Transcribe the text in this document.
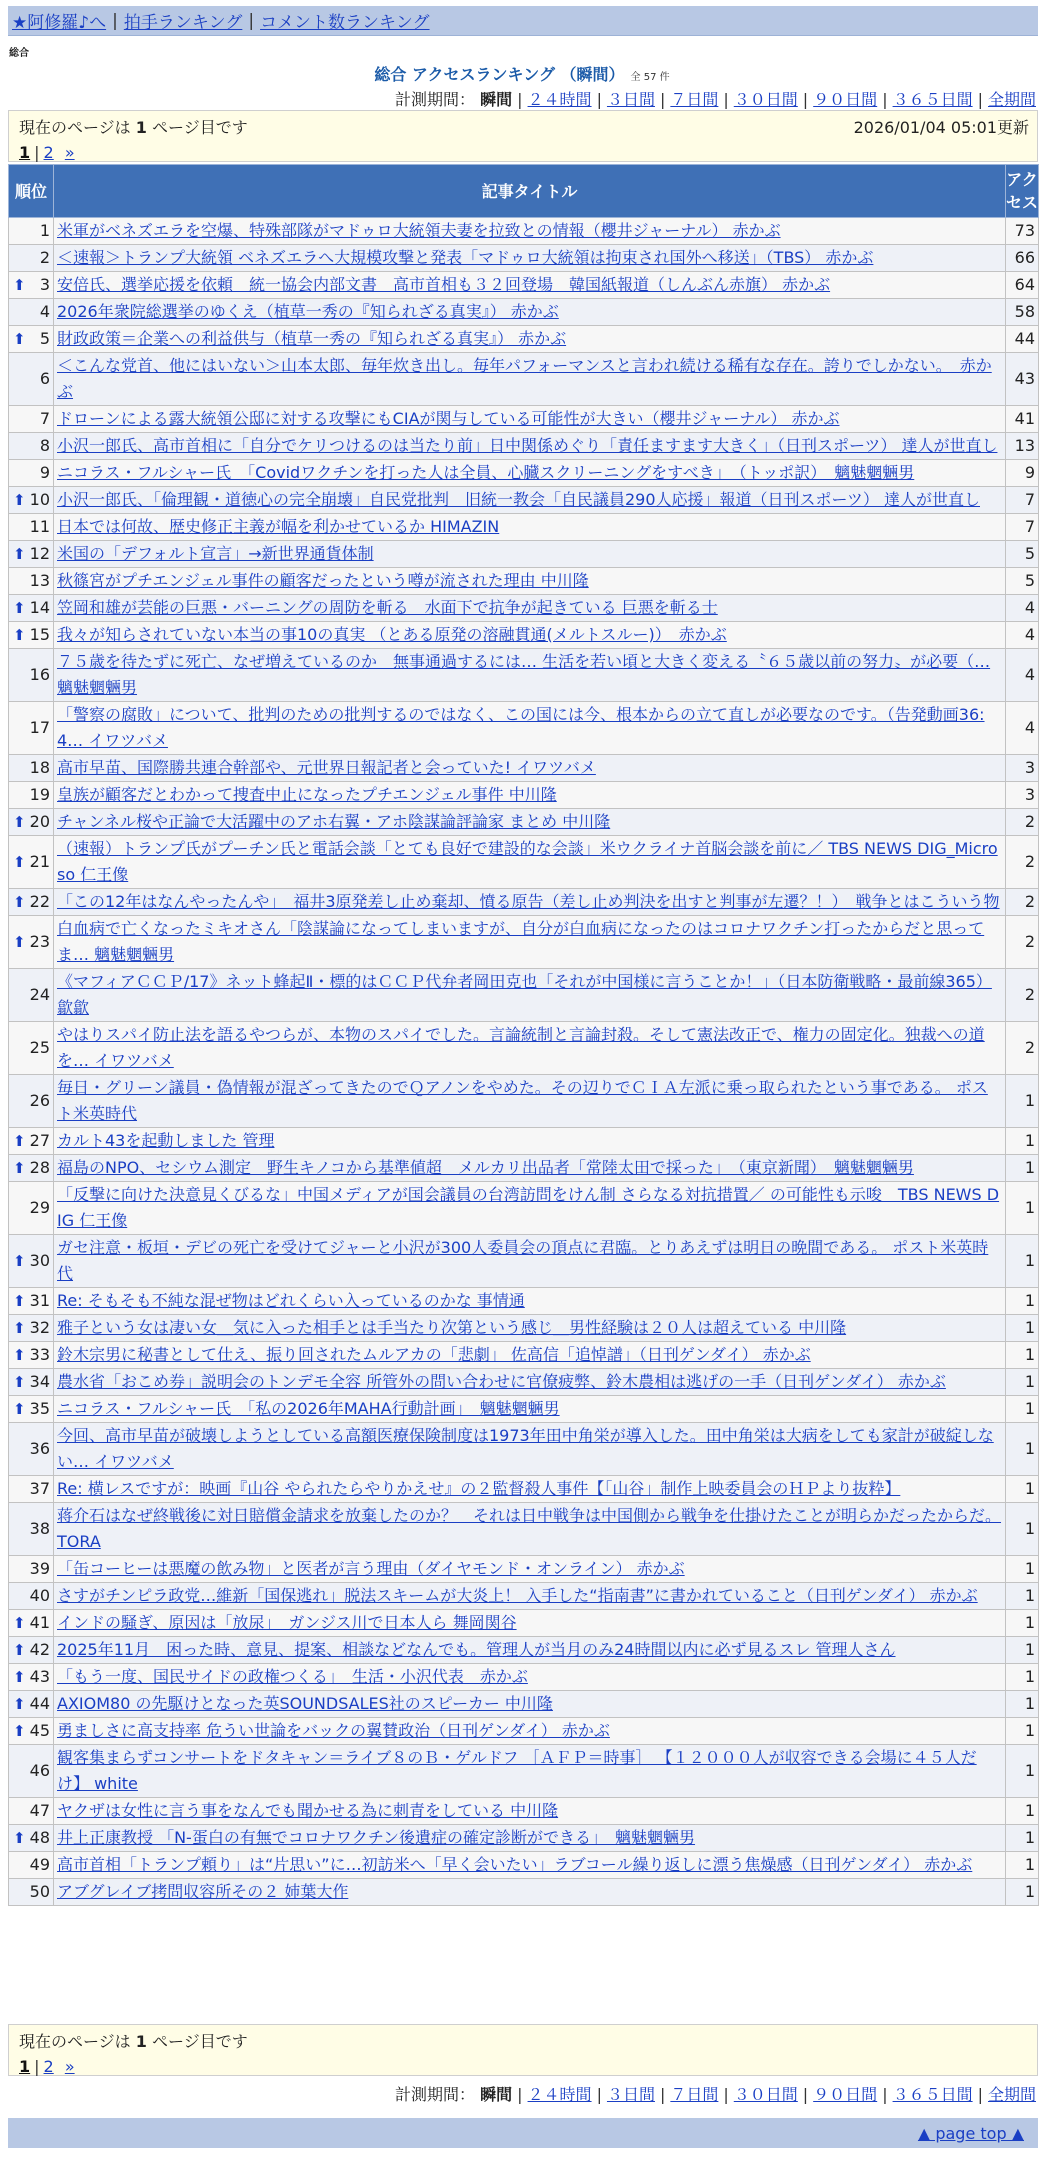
★阿修羅♪へ | 拍手ランキング | コメント数ランキング
総合
総合 アクセスランキング （瞬間） 全 57 件
計測期間： 瞬間 | ２４時間 | ３日間 | ７日間 | ３０日間 | ９０日間 | ３６５日間 | 全期間
現在のページは 1 ページ目です	2026/01/04 05:01更新
1 | 2 »
順位	記事タイトル	アクセス
1	米軍がベネズエラを空爆、特殊部隊がマドゥロ大統領夫妻を拉致との情報（櫻井ジャーナル） 赤かぶ	73
2	＜速報＞トランプ大統領 ベネズエラへ大規模攻撃と発表「マドゥロ大統領は拘束され国外へ移送」（TBS） 赤かぶ	66

⬆ 3	安倍氏、選挙応援を依頼　統一協会内部文書　高市首相も３２回登場　韓国紙報道（しんぶん赤旗） 赤かぶ	64
4	2026年衆院総選挙のゆくえ（植草一秀の『知られざる真実』） 赤かぶ	58

⬆ 5	財政政策＝企業への利益供与（植草一秀の『知られざる真実』） 赤かぶ	44
6	＜こんな党首、他にはいない＞山本太郎、毎年炊き出し。毎年パフォーマンスと言われ続ける稀有な存在。誇りでしかない。　赤かぶ	43
7	ドローンによる露大統領公邸に対する攻撃にもCIAが関与している可能性が大きい（櫻井ジャーナル） 赤かぶ	41
8	小沢一郎氏、高市首相に「自分でケリつけるのは当たり前」日中関係めぐり「責任ますます大きく」（日刊スポーツ） 達人が世直し	13
9	ニコラス・フルシャー氏　「Covidワクチンを打った人は全員、心臓スクリーニングをすべき」　（トッポ訳）　魑魅魍魎男	9

⬆ 10	小沢一郎氏、「倫理観・道徳心の完全崩壊」自民党批判　旧統一教会「自民議員290人応援」報道（日刊スポーツ） 達人が世直し	7
11	日本では何故、歴史修正主義が幅を利かせているか HIMAZIN	7

⬆ 12	米国の「デフォルト宣言」→新世界通貨体制	5
13	秋篠宮がプチエンジェル事件の顧客だったという噂が流された理由 中川隆	5

⬆ 14	笠岡和雄が芸能の巨悪・バーニングの周防を斬る　水面下で抗争が起きている 巨悪を斬る士	4

⬆ 15	我々が知らされていない本当の事10の真実 （とある原発の溶融貫通(メルトスルー)）　赤かぶ	4
16	７５歳を待たずに死亡、なぜ増えているのか　無事通過するには… 生活を若い頃と大きく変える〝６５歳以前の努力〟が必要（… 魑魅魍魎男	4
17	「警察の腐敗」について、批判のための批判するのではなく、この国には今、根本からの立て直しが必要なのです。（告発動画36:4… イワツバメ	4
18	高市早苗、国際勝共連合幹部や、元世界日報記者と会っていた! イワツバメ	3
19	皇族が顧客だとわかって捜査中止になったプチエンジェル事件 中川隆	3

⬆ 20	チャンネル桜や正論で大活躍中のアホ右翼・アホ陰謀論評論家 まとめ 中川隆	2

⬆ 21	（速報）トランプ氏がプーチン氏と電話会談「とても良好で建設的な会談」米ウクライナ首脳会談を前に／ TBS NEWS DIG_Microso 仁王像	2

⬆ 22	「この12年はなんやったんや」　福井3原発差し止め棄却、憤る原告（差し止め判決を出すと判事が左遷？！）　戦争とはこういう物	2

⬆ 23	白血病で亡くなったミキオさん「陰謀論になってしまいますが、自分が白血病になったのはコロナワクチン打ったからだと思ってま… 魑魅魍魎男	2
24	《マフィアＣＣＰ/17》ネット蜂起Ⅱ・標的はＣＣＰ代弁者岡田克也「それが中国様に言うことか！」（日本防衛戦略・最前線365） 歙歙	2
25	やはりスパイ防止法を語るやつらが、本物のスパイでした。言論統制と言論封殺。そして憲法改正で、権力の固定化。独裁への道を… イワツバメ	2
26	毎日・グリーン議員・偽情報が混ざってきたのでＱアノンをやめた。その辺りでＣＩＡ左派に乗っ取られたという事である。 ポスト米英時代	1

⬆ 27	カルト43を起動しました 管理	1

⬆ 28	福島のNPO、セシウム測定　野生キノコから基準値超　メルカリ出品者「常陸太田で採った」　（東京新聞）　魑魅魍魎男	1
29	「反撃に向けた決意見くびるな」中国メディアが国会議員の台湾訪問をけん制 さらなる対抗措置／ の可能性も示唆　TBS NEWS DIG 仁王像	1

⬆ 30	ガセ注意・板垣・デビの死亡を受けてジャーと小沢が300人委員会の頂点に君臨。とりあえずは明日の晩間である。 ポスト米英時代	1

⬆ 31	Re: そもそも不純な混ぜ物はどれくらい入っているのかな 事情通	1

⬆ 32	雅子という女は凄い女＿気に入った相手とは手当たり次第という感じ＿男性経験は２０人は超えている 中川隆	1

⬆ 33	鈴木宗男に秘書として仕え、振り回されたムルアカの「悲劇」 佐高信「追悼譜」（日刊ゲンダイ） 赤かぶ	1

⬆ 34	農水省「おこめ券」説明会のトンデモ全容 所管外の問い合わせに官僚疲弊、鈴木農相は逃げの一手（日刊ゲンダイ） 赤かぶ	1

⬆ 35	ニコラス・フルシャー氏　「私の2026年MAHA行動計画」　魑魅魍魎男	1
36	今回、高市早苗が破壊しようとしている高額医療保険制度は1973年田中角栄が導入した。田中角栄は大病をしても家計が破綻しない… イワツバメ	1
37	Re: 横レスですが：映画『山谷 やられたらやりかえせ』の２監督殺人事件【「山谷」制作上映委員会のＨＰより抜粋】	1
38	蒋介石はなぜ終戦後に対日賠償金請求を放棄したのか？　それは日中戦争は中国側から戦争を仕掛けたことが明らかだったからだ。 TORA	1
39	「缶コーヒーは悪魔の飲み物」と医者が言う理由（ダイヤモンド・オンライン） 赤かぶ	1
40	さすがチンピラ政党…維新「国保逃れ」脱法スキームが大炎上！ 入手した“指南書”に書かれていること（日刊ゲンダイ） 赤かぶ	1

⬆ 41	インドの騒ぎ、原因は「放尿」　ガンジス川で日本人ら 舞岡関谷	1

⬆ 42	2025年11月　困った時、意見、提案、相談などなんでも。管理人が当月のみ24時間以内に必ず見るスレ 管理人さん	1

⬆ 43	「もう一度、国民サイドの政権つくる」　生活・小沢代表　赤かぶ	1

⬆ 44	AXIOM80 の先駆けとなった英SOUNDSALES社のスピーカー 中川隆	1

⬆ 45	勇ましさに高支持率 危うい世論をバックの翼賛政治（日刊ゲンダイ） 赤かぶ	1
46	観客集まらずコンサートをドタキャン＝ライブ８のＢ・ゲルドフ ［ＡＦＰ＝時事］ 【１２０００人が収容できる会場に４５人だけ】 white	1
47	ヤクザは女性に言う事をなんでも聞かせる為に刺青をしている 中川隆	1

⬆ 48	井上正康教授 「N-蛋白の有無でコロナワクチン後遺症の確定診断ができる」　魑魅魍魎男	1
49	高市首相「トランプ頼り」は“片思い”に…初訪米へ「早く会いたい」ラブコール繰り返しに漂う焦燥感（日刊ゲンダイ） 赤かぶ	1
50	アブグレイブ拷問収容所その２ 姉葉大作	1
現在のページは 1 ページ目です
1 | 2 »
計測期間： 瞬間 | ２４時間 | ３日間 | ７日間 | ３０日間 | ９０日間 | ３６５日間 | 全期間
▲ page top ▲
